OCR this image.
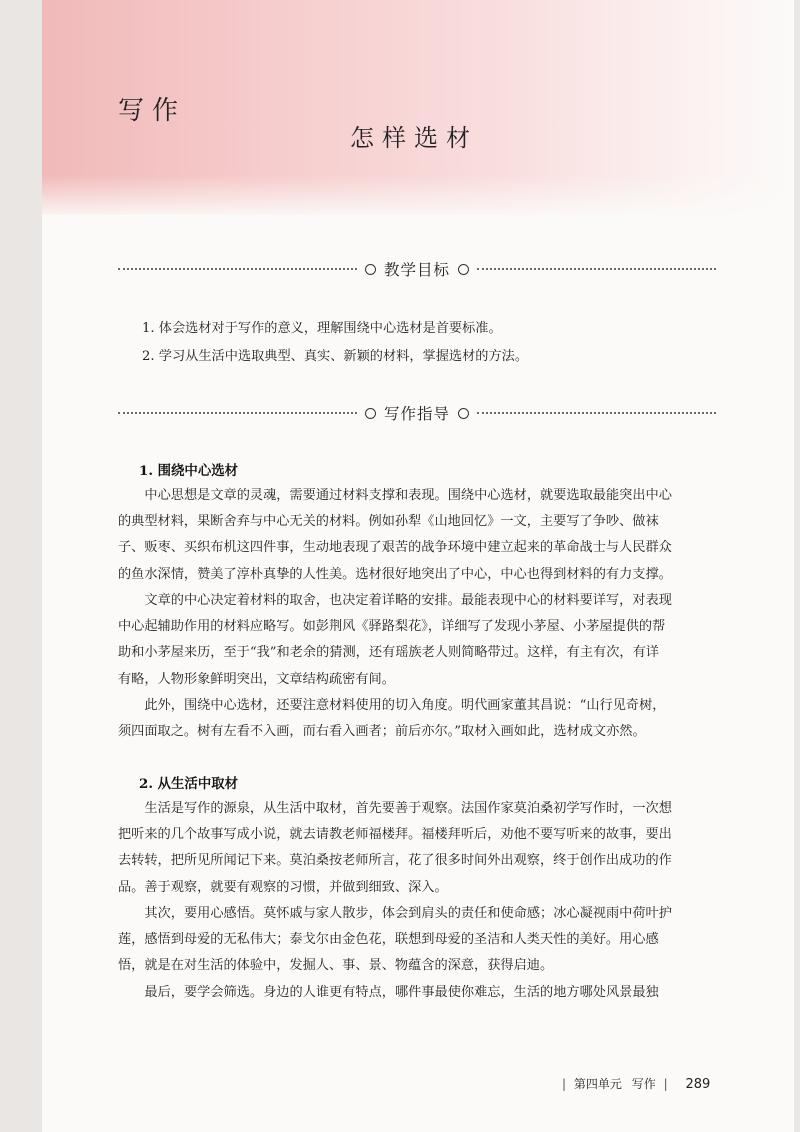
写作
怎样选材
教学目标
1. 体会选材对于写作的意义，理解围绕中心选材是首要标准。
2. 学习从生活中选取典型、真实、新颖的材料，掌握选材的方法。
写作指导
1. 围绕中心选材
中心思想是文章的灵魂，需要通过材料支撑和表现。围绕中心选材，就要选取最能突出中心
的典型材料，果断舍弃与中心无关的材料。例如孙犁《山地回忆》一文，主要写了争吵、做袜
子、贩枣、买织布机这四件事，生动地表现了艰苦的战争环境中建立起来的革命战士与人民群众
的鱼水深情，赞美了淳朴真挚的人性美。选材很好地突出了中心，中心也得到材料的有力支撑。
文章的中心决定着材料的取舍，也决定着详略的安排。最能表现中心的材料要详写，对表现
中心起辅助作用的材料应略写。如彭荆风《驿路梨花》，详细写了发现小茅屋、小茅屋提供的帮
助和小茅屋来历，至于“我”和老余的猜测，还有瑶族老人则简略带过。这样，有主有次，有详
有略，人物形象鲜明突出，文章结构疏密有间。
此外，围绕中心选材，还要注意材料使用的切入角度。明代画家董其昌说：“山行见奇树，
须四面取之。树有左看不入画，而右看入画者；前后亦尔。”取材入画如此，选材成文亦然。
2. 从生活中取材
生活是写作的源泉，从生活中取材，首先要善于观察。法国作家莫泊桑初学写作时，一次想
把听来的几个故事写成小说，就去请教老师福楼拜。福楼拜听后，劝他不要写听来的故事，要出
去转转，把所见所闻记下来。莫泊桑按老师所言，花了很多时间外出观察，终于创作出成功的作
品。善于观察，就要有观察的习惯，并做到细致、深入。
其次，要用心感悟。莫怀戚与家人散步，体会到肩头的责任和使命感；冰心凝视雨中荷叶护
莲，感悟到母爱的无私伟大；泰戈尔由金色花，联想到母爱的圣洁和人类天性的美好。用心感
悟，就是在对生活的体验中，发掘人、事、景、物蕴含的深意，获得启迪。
最后，要学会筛选。身边的人谁更有特点，哪件事最使你难忘，生活的地方哪处风景最独
| 第四单元 写作 | 289
